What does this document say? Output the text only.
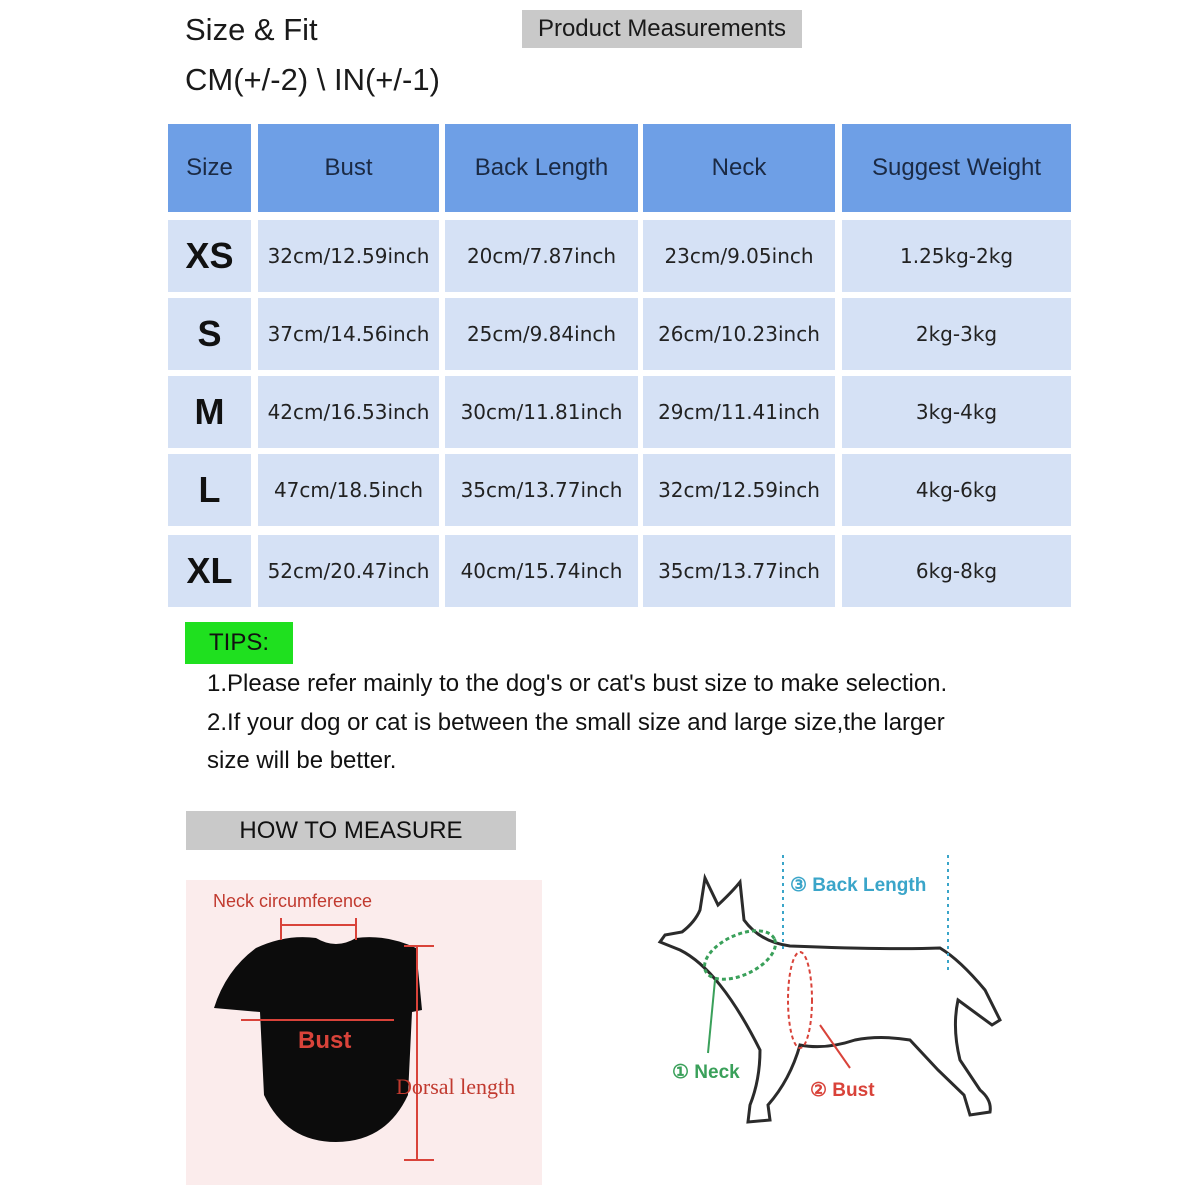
Size & Fit
CM(+/-2) \ IN(+/-1)
Product Measurements
Size	Bust	Back Length	Neck	Suggest Weight
XS	32cm/12.59inch	20cm/7.87inch	23cm/9.05inch	1.25kg-2kg
S	37cm/14.56inch	25cm/9.84inch	26cm/10.23inch	2kg-3kg
M	42cm/16.53inch	30cm/11.81inch	29cm/11.41inch	3kg-4kg
L	47cm/18.5inch	35cm/13.77inch	32cm/12.59inch	4kg-6kg
XL	52cm/20.47inch	40cm/15.74inch	35cm/13.77inch	6kg-8kg
TIPS:
1.Please refer mainly to the dog's or cat's bust size to make selection.
2.If your dog or cat is between the small size and large size,the larger
size will be better.
HOW TO MEASURE
Neck circumference
Bust
Dorsal length
③ Back Length
① Neck
② Bust
